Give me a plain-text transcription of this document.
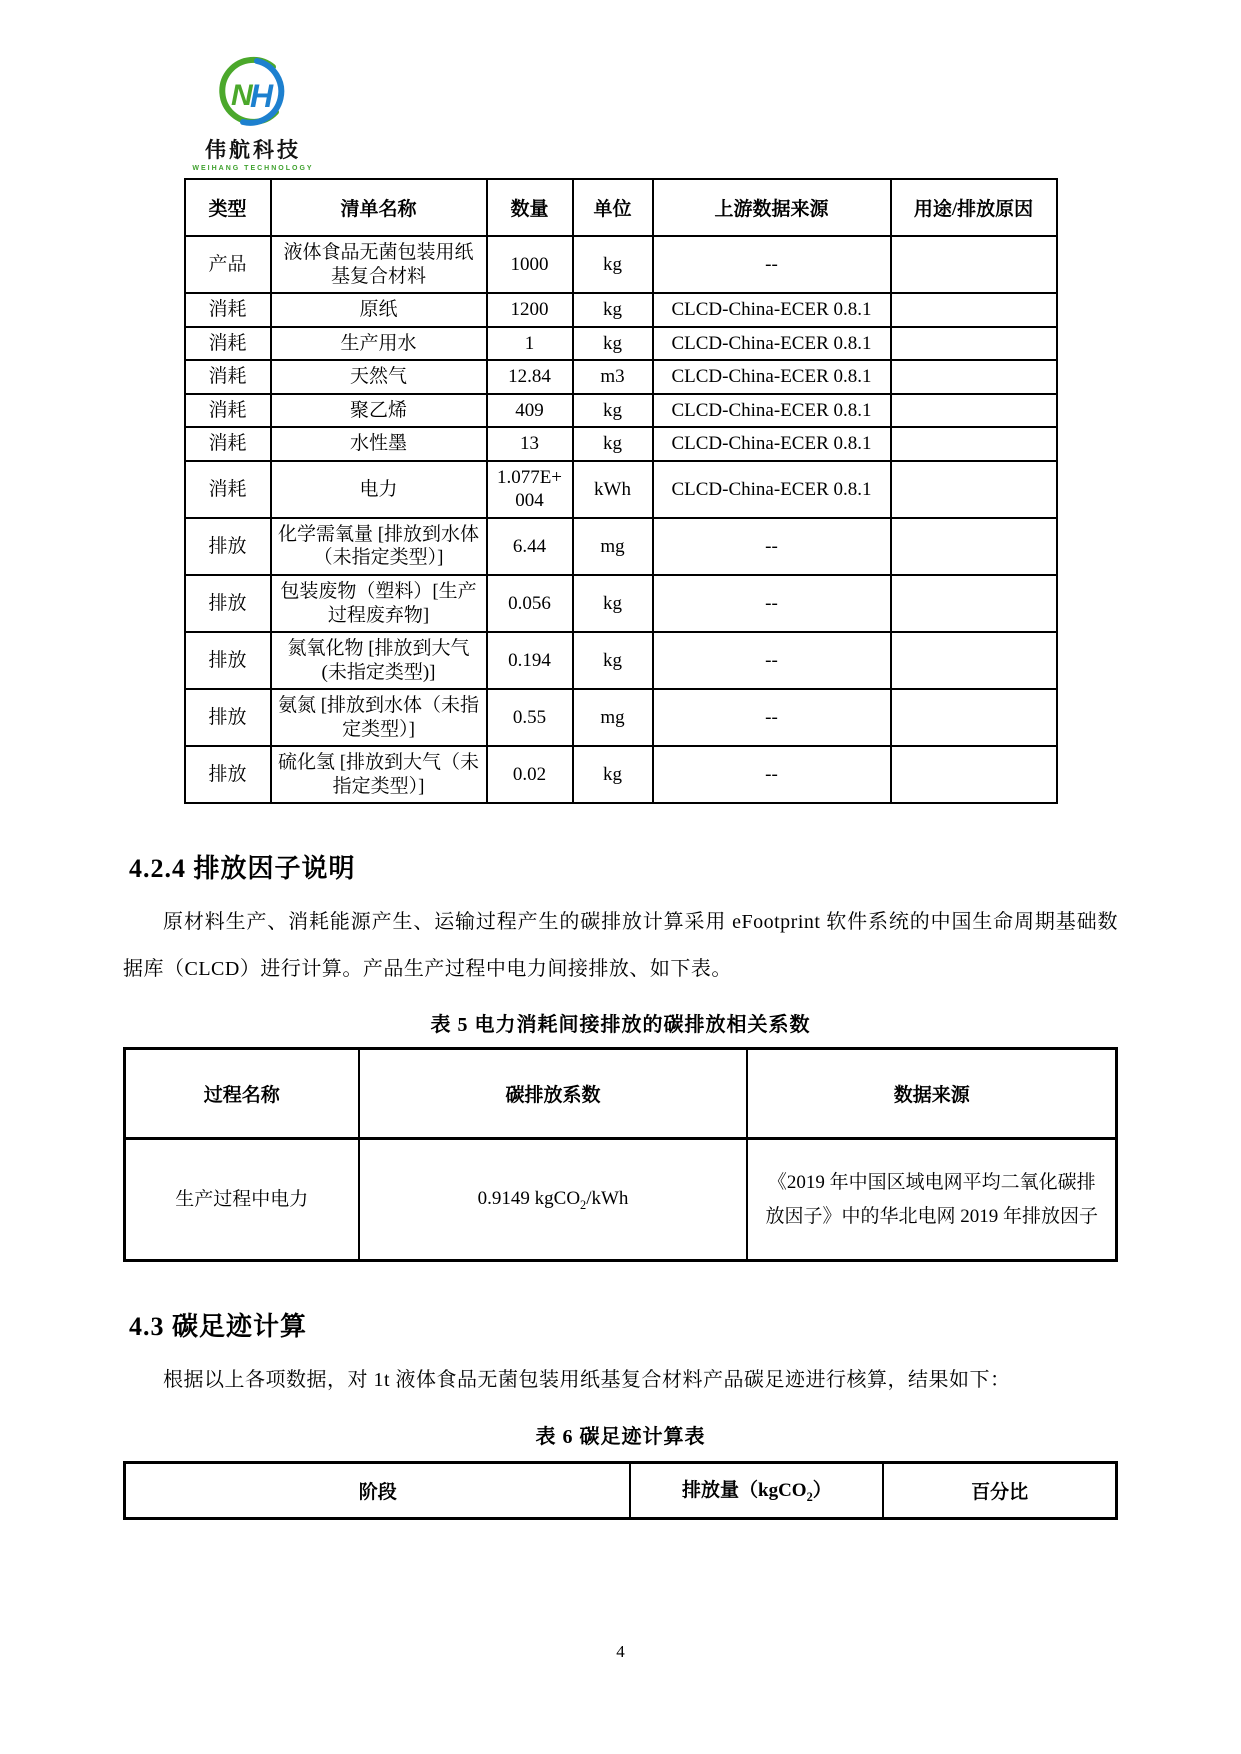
N
H
伟航科技
WEIHANG TECHNOLOGY
类型	清单名称	数量	单位	上游数据来源	用途/排放原因
产品	液体食品无菌包装用纸基复合材料	1000	kg	--	
消耗	原纸	1200	kg	CLCD-China-ECER 0.8.1	
消耗	生产用水	1	kg	CLCD-China-ECER 0.8.1	
消耗	天然气	12.84	m3	CLCD-China-ECER 0.8.1	
消耗	聚乙烯	409	kg	CLCD-China-ECER 0.8.1	
消耗	水性墨	13	kg	CLCD-China-ECER 0.8.1	
消耗	电力	1.077E+004	kWh	CLCD-China-ECER 0.8.1	
排放	化学需氧量 [排放到水体（未指定类型）]	6.44	mg	--	
排放	包装废物（塑料）[生产过程废弃物]	0.056	kg	--	
排放	氮氧化物 [排放到大气(未指定类型)]	0.194	kg	--	
排放	氨氮 [排放到水体（未指定类型）]	0.55	mg	--	
排放	硫化氢 [排放到大气（未指定类型）]	0.02	kg	--	
4.2.4 排放因子说明

原材料生产、消耗能源产生、运输过程产生的碳排放计算采用 eFootprint 软件系统的中国生命周期基础数据库（CLCD）进行计算。产品生产过程中电力间接排放、如下表。

表 5 电力消耗间接排放的碳排放相关系数
过程名称	碳排放系数	数据来源
生产过程中电力	0.9149 kgCO$_2$/kWh	《2019 年中国区域电网平均二氧化碳排放因子》中的华北电网 2019 年排放因子
4.3 碳足迹计算

根据以上各项数据，对 1t 液体食品无菌包装用纸基复合材料产品碳足迹进行核算，结果如下：

表 6 碳足迹计算表
阶段	排放量（kgCO$_2$）	百分比
4
